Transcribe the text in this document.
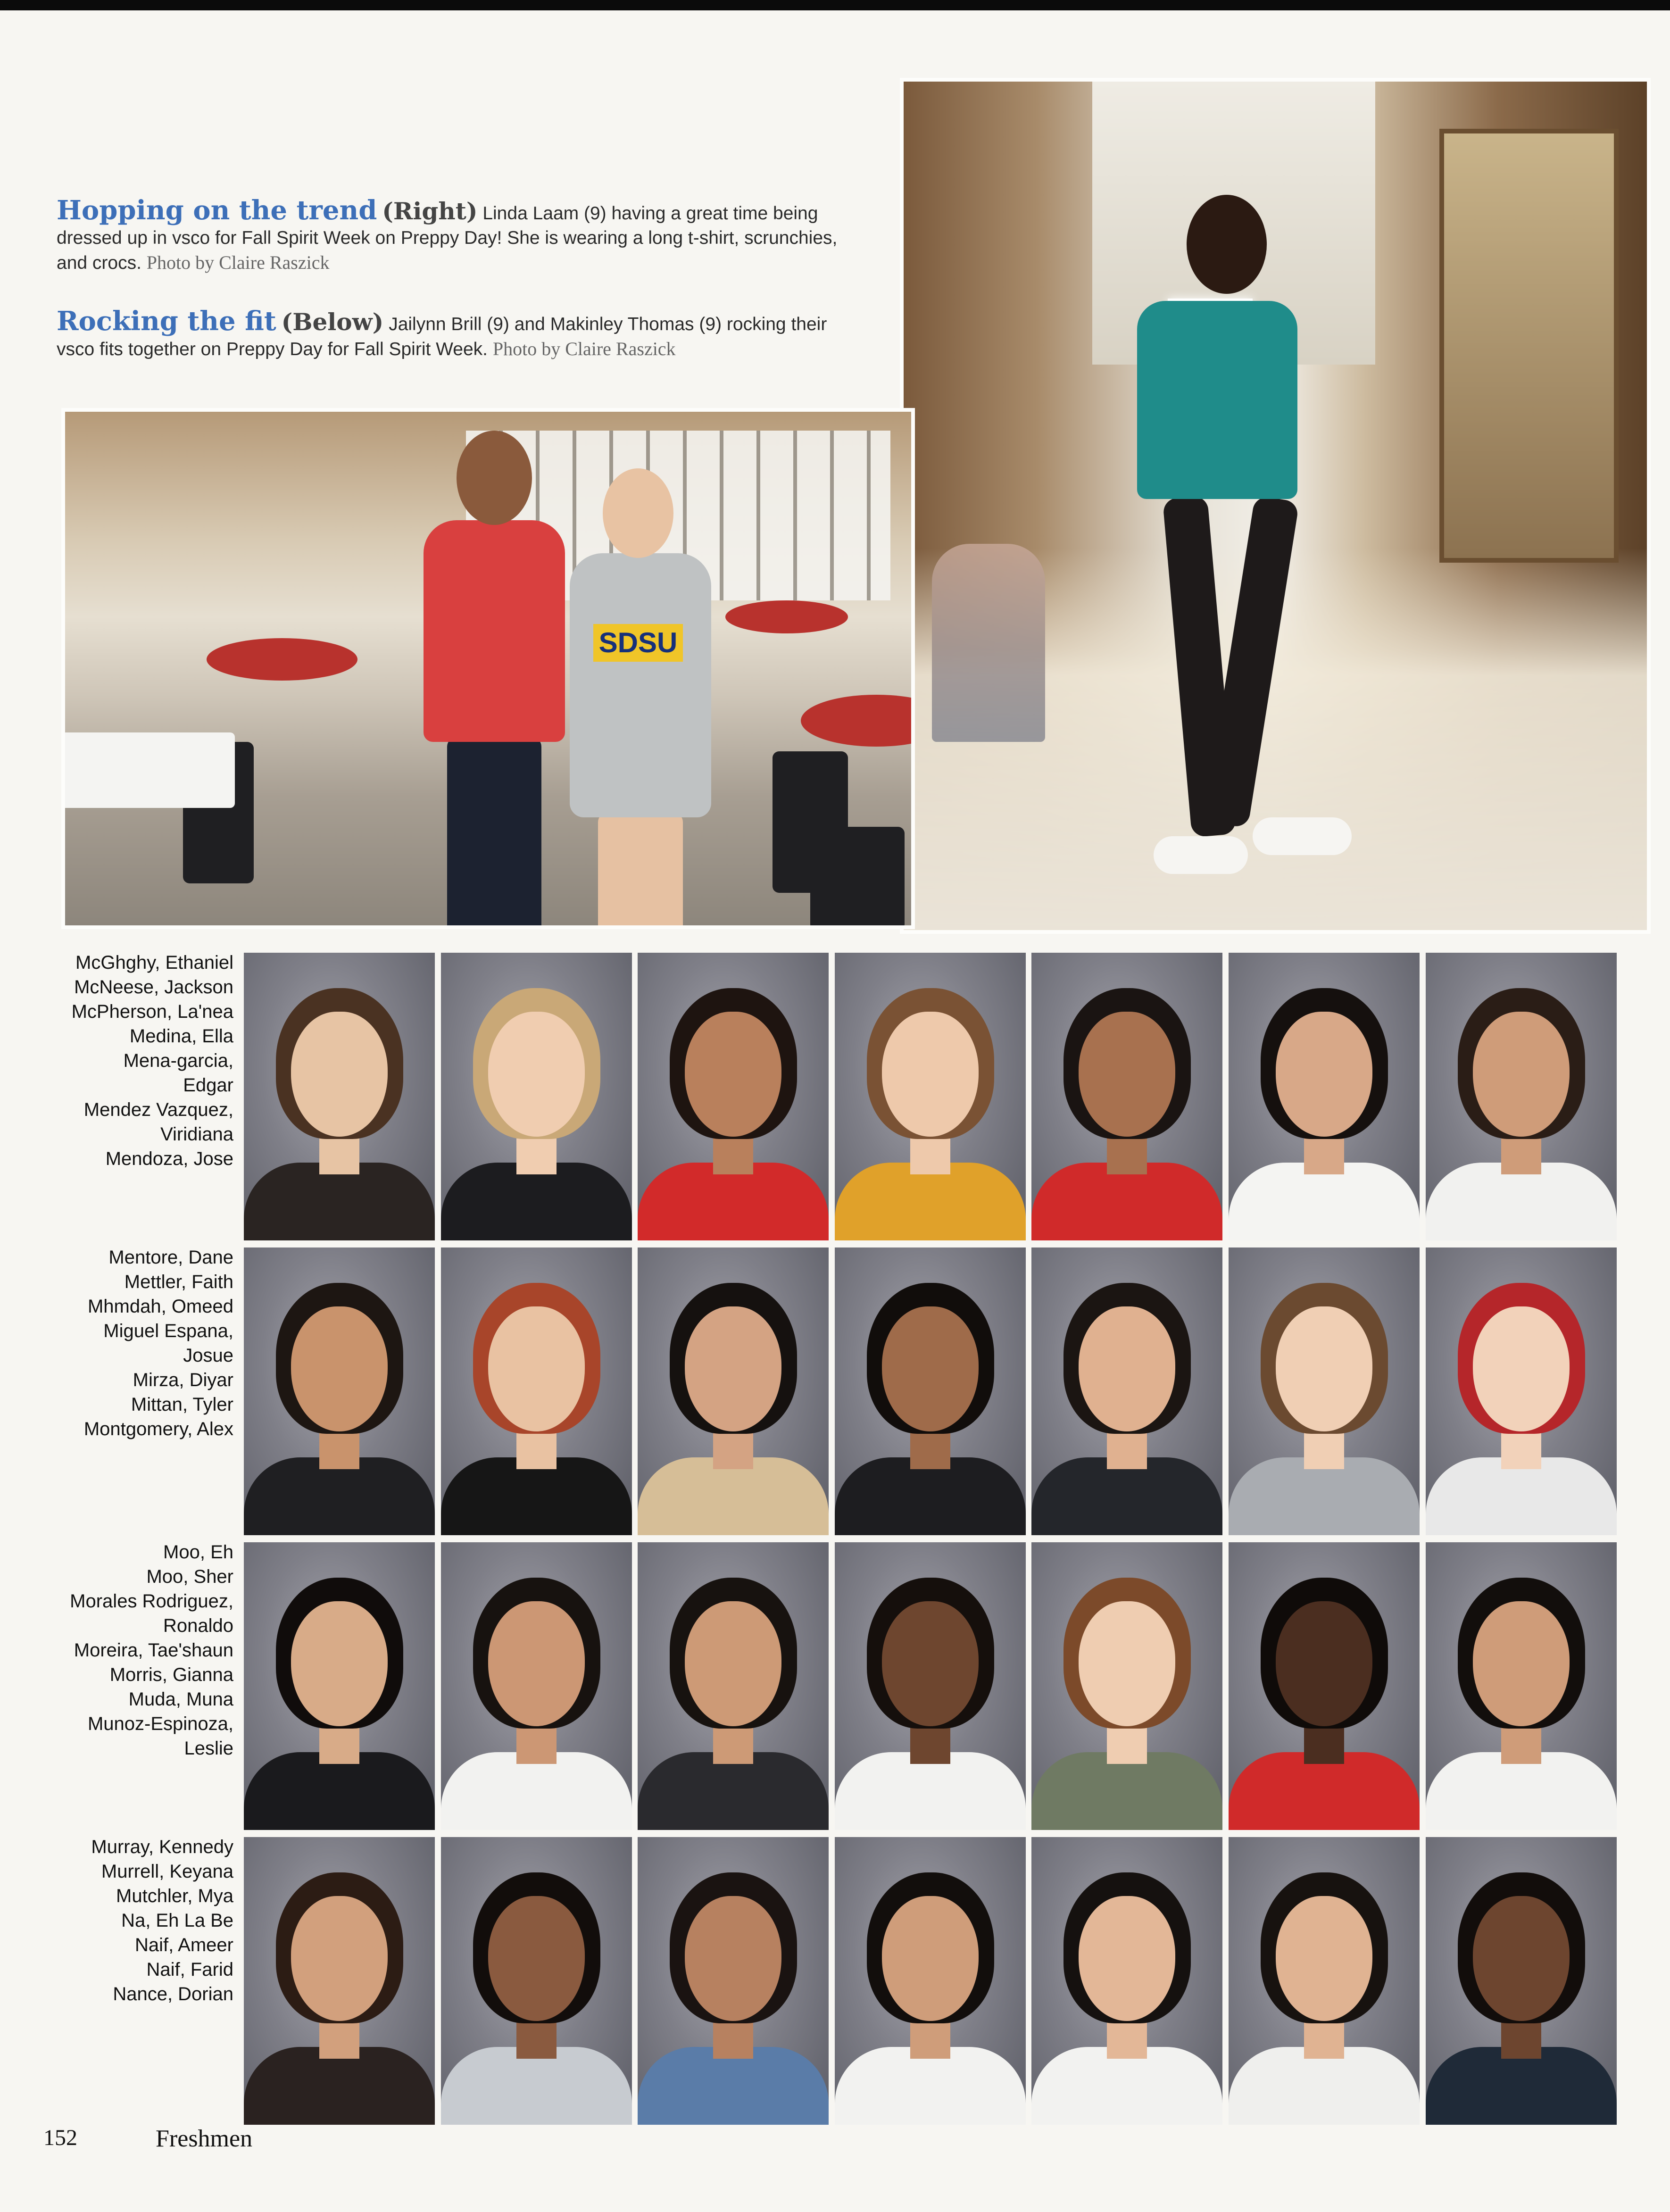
Hopping on the trend (Right) Linda Laam (9) having a great time being dressed up in vsco for Fall Spirit Week on Preppy Day! She is wearing a long t-shirt, scrunchies, and crocs. Photo by Claire Raszick
Rocking the fit (Below) Jailynn Brill (9) and Makinley Thomas (9) rocking their vsco fits together on Preppy Day for Fall Spirit Week. Photo by Claire Raszick
SDSU
McGhghy, Ethaniel
McNeese, Jackson
McPherson, La'nea
Medina, Ella
Mena-garcia,
Edgar
Mendez Vazquez,
Viridiana
Mendoza, Jose
Mentore, Dane
Mettler, Faith
Mhmdah, Omeed
Miguel Espana,
Josue
Mirza, Diyar
Mittan, Tyler
Montgomery, Alex
Moo, Eh
Moo, Sher
Morales Rodriguez,
Ronaldo
Moreira, Tae'shaun
Morris, Gianna
Muda, Muna
Munoz-Espinoza,
Leslie
Murray, Kennedy
Murrell, Keyana
Mutchler, Mya
Na, Eh La Be
Naif, Ameer
Naif, Farid
Nance, Dorian
152	Freshmen
